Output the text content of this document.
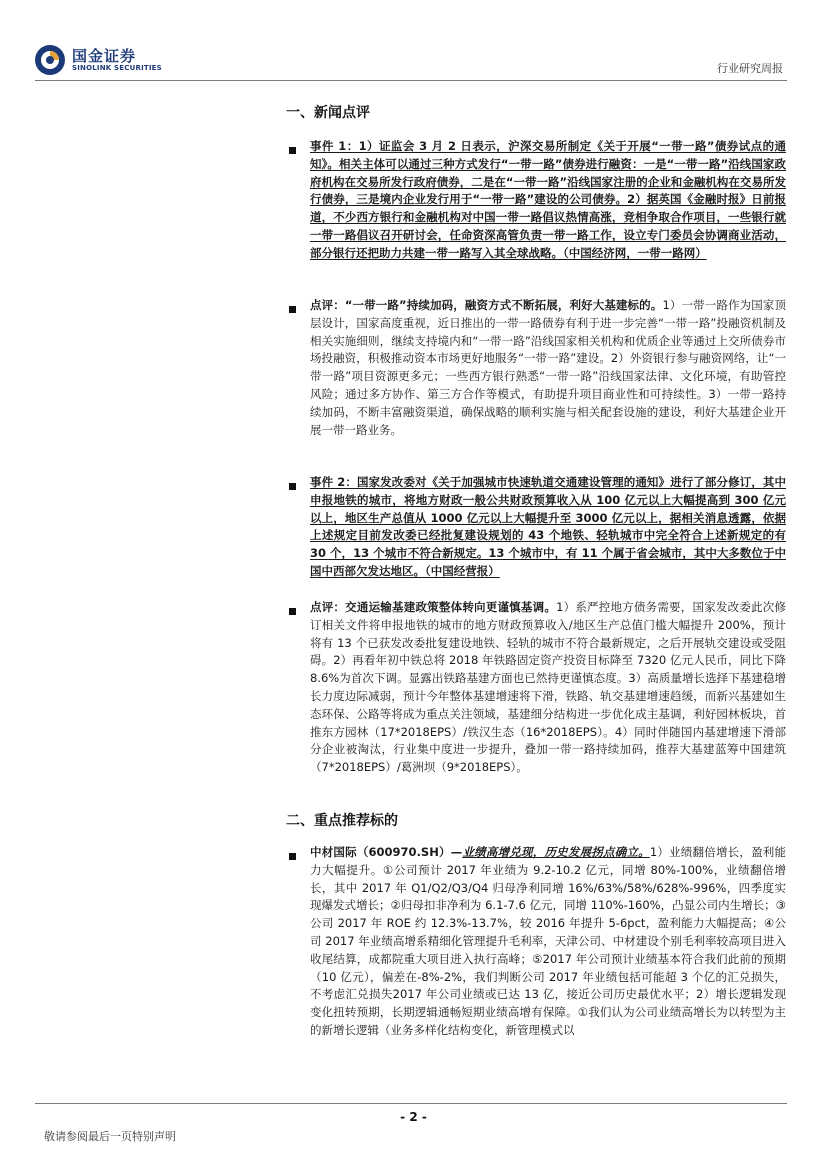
国金证券
SINOLINK SECURITIES	行业研究周报
一、新闻点评
事件 1：1）证监会 3 月 2 日表示，沪深交易所制定《关于开展“一带一路”债券试点的通知》。相关主体可以通过三种方式发行“一带一路”债券进行融资：一是“一带一路”沿线国家政府机构在交易所发行政府债券，二是在“一带一路”沿线国家注册的企业和金融机构在交易所发行债券，三是境内企业发行用于“一带一路”建设的公司债券。2）据英国《金融时报》日前报道，不少西方银行和金融机构对中国一带一路倡议热情高涨，竞相争取合作项目，一些银行就一带一路倡议召开研讨会，任命资深高管负责一带一路工作，设立专门委员会协调商业活动，部分银行还把助力共建一带一路写入其全球战略。（中国经济网，一带一路网）
点评：“一带一路”持续加码，融资方式不断拓展，利好大基建标的。1）一带一路作为国家顶层设计，国家高度重视，近日推出的一带一路债券有利于进一步完善“一带一路”投融资机制及相关实施细则，继续支持境内和“一带一路”沿线国家相关机构和优质企业等通过上交所债券市场投融资，积极推动资本市场更好地服务“一带一路”建设。2）外资银行参与融资网络，让“一带一路”项目资源更多元；一些西方银行熟悉“一带一路”沿线国家法律、文化环境，有助管控风险；通过多方协作、第三方合作等模式，有助提升项目商业性和可持续性。3）一带一路持续加码，不断丰富融资渠道，确保战略的顺利实施与相关配套设施的建设，利好大基建企业开展一带一路业务。
事件 2：国家发改委对《关于加强城市快速轨道交通建设管理的通知》进行了部分修订，其中申报地铁的城市，将地方财政一般公共财政预算收入从 100 亿元以上大幅提高到 300 亿元以上，地区生产总值从 1000 亿元以上大幅提升至 3000 亿元以上，据相关消息透露，依据上述规定目前发改委已经批复建设规划的 43 个地铁、轻轨城市中完全符合上述新规定的有30 个，13 个城市不符合新规定。13 个城市中，有 11 个属于省会城市，其中大多数位于中国中西部欠发达地区。（中国经营报）
点评：交通运输基建政策整体转向更谨慎基调。1）系严控地方债务需要，国家发改委此次修订相关文件将申报地铁的城市的地方财政预算收入/地区生产总值门槛大幅提升 200%，预计将有 13 个已获发改委批复建设地铁、轻轨的城市不符合最新规定，之后开展轨交建设或受阻碍。2）再看年初中铁总将 2018 年铁路固定资产投资目标降至 7320 亿元人民币，同比下降8.6%为首次下调。显露出铁路基建方面也已然持更谨慎态度。3）高质量增长选择下基建稳增长力度边际减弱，预计今年整体基建增速将下滑，铁路、轨交基建增速趋缓，而新兴基建如生态环保、公路等将成为重点关注领域，基建细分结构进一步优化成主基调，利好园林板块，首推东方园林（17*2018EPS）/铁汉生态（16*2018EPS）。4）同时伴随国内基建增速下滑部分企业被淘汰，行业集中度进一步提升，叠加一带一路持续加码，推荐大基建蓝筹中国建筑（7*2018EPS）/葛洲坝（9*2018EPS）。
二、重点推荐标的
中材国际（600970.SH）—业绩高增兑现，历史发展拐点确立。1）业绩翻倍增长，盈利能力大幅提升。①公司预计 2017 年业绩为 9.2-10.2 亿元，同增 80%-100%，业绩翻倍增长，其中 2017 年 Q1/Q2/Q3/Q4 归母净利同增 16%/63%/58%/628%-996%，四季度实现爆发式增长；②归母扣非净利为 6.1-7.6 亿元，同增 110%-160%，凸显公司内生增长；③公司 2017 年 ROE 约 12.3%-13.7%，较 2016 年提升 5-6pct，盈利能力大幅提高；④公司 2017 年业绩高增系精细化管理提升毛利率，天津公司、中材建设个别毛利率较高项目进入收尾结算，成都院重大项目进入执行高峰；⑤2017 年公司预计业绩基本符合我们此前的预期（10 亿元），偏差在-8%-2%，我们判断公司 2017 年业绩包括可能超 3 个亿的汇兑损失，不考虑汇兑损失2017 年公司业绩或已达 13 亿，接近公司历史最优水平；2）增长逻辑发现变化扭转预期，长期逻辑通畅短期业绩高增有保障。①我们认为公司业绩高增长为以转型为主的新增长逻辑（业务多样化结构变化，新管理模式以
- 2 -
敬请参阅最后一页特别声明
